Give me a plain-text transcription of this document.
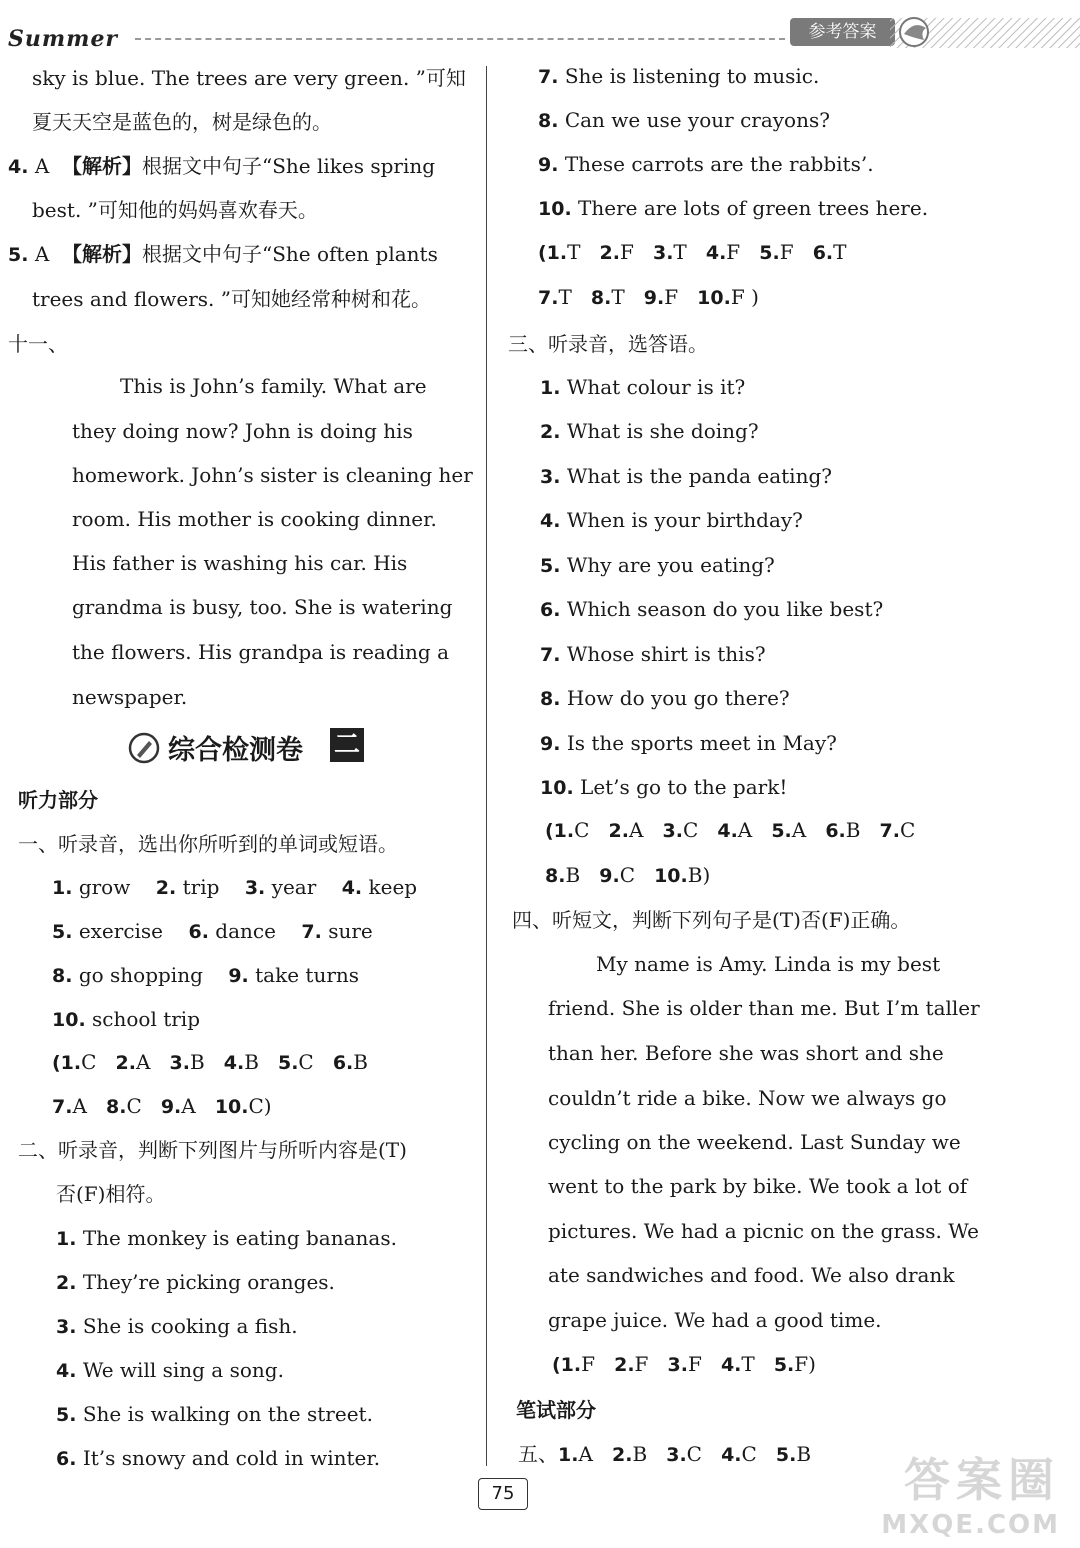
Summer	参考答案
sky is blue. The trees are very green. ”可知
夏天天空是蓝色的，树是绿色的。
4. A 【解析】根据文中句子“She likes spring
best. ”可知他的妈妈喜欢春天。
5. A 【解析】根据文中句子“She often plants
trees and flowers. ”可知她经常种树和花。
十一、
This is John’s family. What are
they doing now? John is doing his
homework. John’s sister is cleaning her
room. His mother is cooking dinner.
His father is washing his car. His
grandma is busy, too. She is watering
the flowers. His grandpa is reading a
newspaper.
综合检测卷 二
听力部分
一、听录音，选出你所听到的单词或短语。
1. grow 2. trip 3. year 4. keep
5. exercise 6. dance 7. sure
8. go shopping 9. take turns
10. school trip
(1.C 2.A 3.B 4.B 5.C 6.B
7.A 8.C 9.A 10.C)
二、听录音，判断下列图片与所听内容是(T)
否(F)相符。
1. The monkey is eating bananas.
2. They’re picking oranges.
3. She is cooking a fish.
4. We will sing a song.
5. She is walking on the street.
6. It’s snowy and cold in winter.
7. She is listening to music.
8. Can we use your crayons?
9. These carrots are the rabbits’.
10. There are lots of green trees here.
(1.T 2.F 3.T 4.F 5.F 6.T
7.T 8.T 9.F 10.F )
三、听录音，选答语。
1. What colour is it?
2. What is she doing?
3. What is the panda eating?
4. When is your birthday?
5. Why are you eating?
6. Which season do you like best?
7. Whose shirt is this?
8. How do you go there?
9. Is the sports meet in May?
10. Let’s go to the park!
(1.C 2.A 3.C 4.A 5.A 6.B 7.C
8.B 9.C 10.B)
四、听短文，判断下列句子是(T)否(F)正确。
My name is Amy. Linda is my best
friend. She is older than me. But I’m taller
than her. Before she was short and she
couldn’t ride a bike. Now we always go
cycling on the weekend. Last Sunday we
went to the park by bike. We took a lot of
pictures. We had a picnic on the grass. We
ate sandwiches and food. We also drank
grape juice. We had a good time.
(1.F 2.F 3.F 4.T 5.F)
笔试部分
五、1.A 2.B 3.C 4.C 5.B
75	答案圈
MXQE.COM
